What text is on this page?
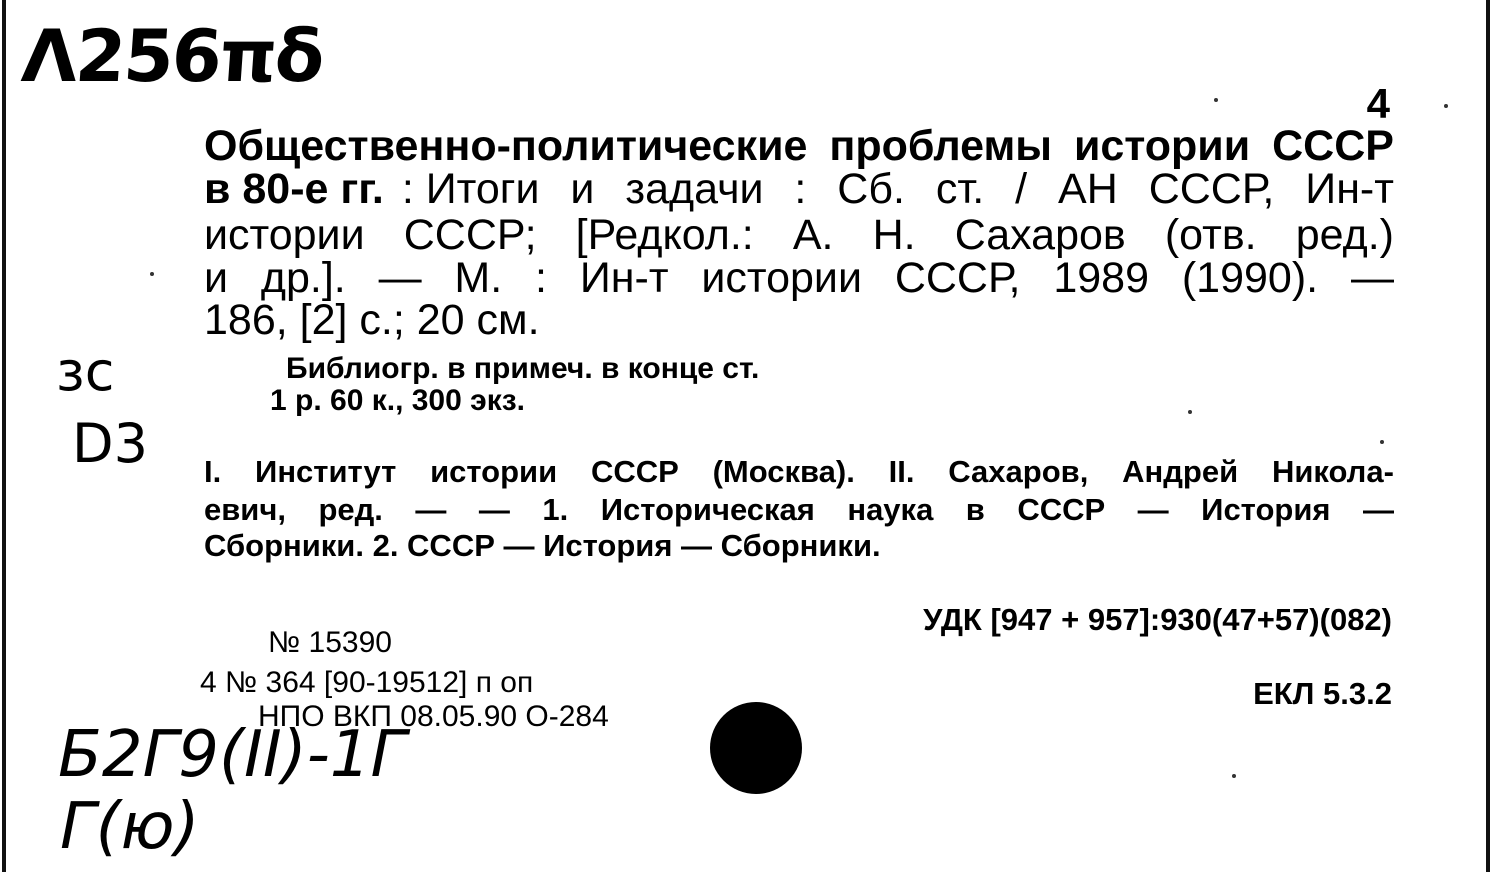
Λ256πδ
зс
D3
Б2Г9(II)-1Г
Г(ю)
4
Общественно-политические проблемы истории СССР
в 80-е гг. : Итоги и задачи : Сб. ст. / АН СССР, Ин-т
истории СССР; [Редкол.: А. Н. Сахаров (отв. ред.)
и др.]. — М. : Ин-т истории СССР, 1989 (1990). —
186, [2] с.; 20 см.
Библиогр. в примеч. в конце ст.
1 р. 60 к., 300 экз.
I. Институт истории СССР (Москва). II. Сахаров, Андрей Никола-
евич, ред. — — 1. Историческая наука в СССР — История —
Сборники. 2. СССР — История — Сборники.
УДК [947 + 957]:930(47+57)(082)
№ 15390
4 № 364 [90-19512] п оп
НПО ВКП 08.05.90 О-284
ЕКЛ 5.3.2
